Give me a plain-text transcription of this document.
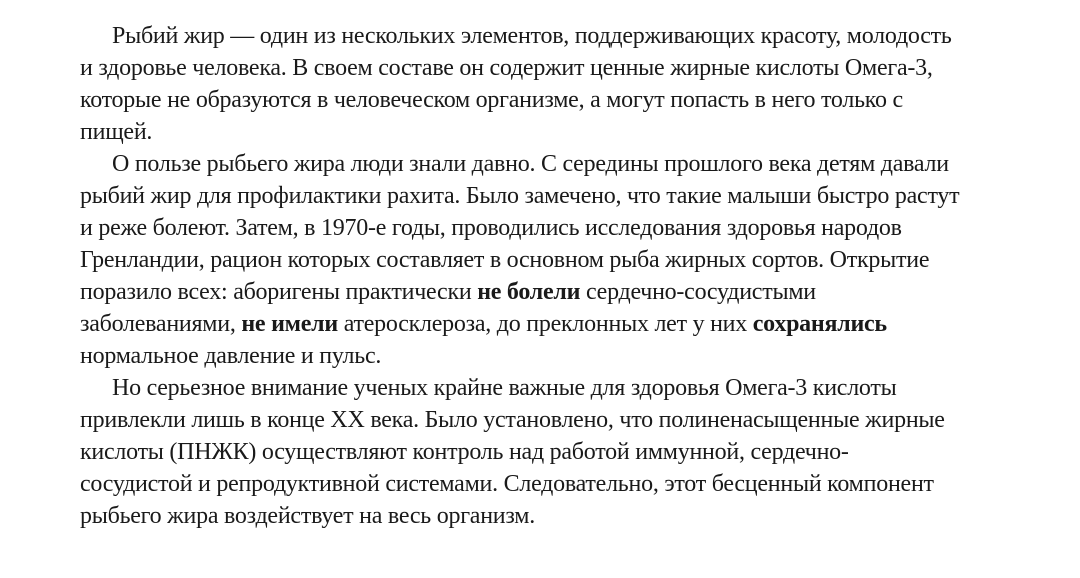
Рыбий жир — один из нескольких элементов, поддерживающих красоту, молодость
и здоровье человека. В своем составе он содержит ценные жирные кислоты Омега-3,
которые не образуются в человеческом организме, а могут попасть в него только с
пищей.
О пользе рыбьего жира люди знали давно. С середины прошлого века детям давали
рыбий жир для профилактики рахита. Было замечено, что такие малыши быстро растут
и реже болеют. Затем, в 1970-е годы, проводились исследования здоровья народов
Гренландии, рацион которых составляет в основном рыба жирных сортов. Открытие
поразило всех: аборигены практически не болели сердечно-сосудистыми
заболеваниями, не имели атеросклероза, до преклонных лет у них сохранялись
нормальное давление и пульс.
Но серьезное внимание ученых крайне важные для здоровья Омега-3 кислоты
привлекли лишь в конце XX века. Было установлено, что полиненасыщенные жирные
кислоты (ПНЖК) осуществляют контроль над работой иммунной, сердечно-
сосудистой и репродуктивной системами. Следовательно, этот бесценный компонент
рыбьего жира воздействует на весь организм.
